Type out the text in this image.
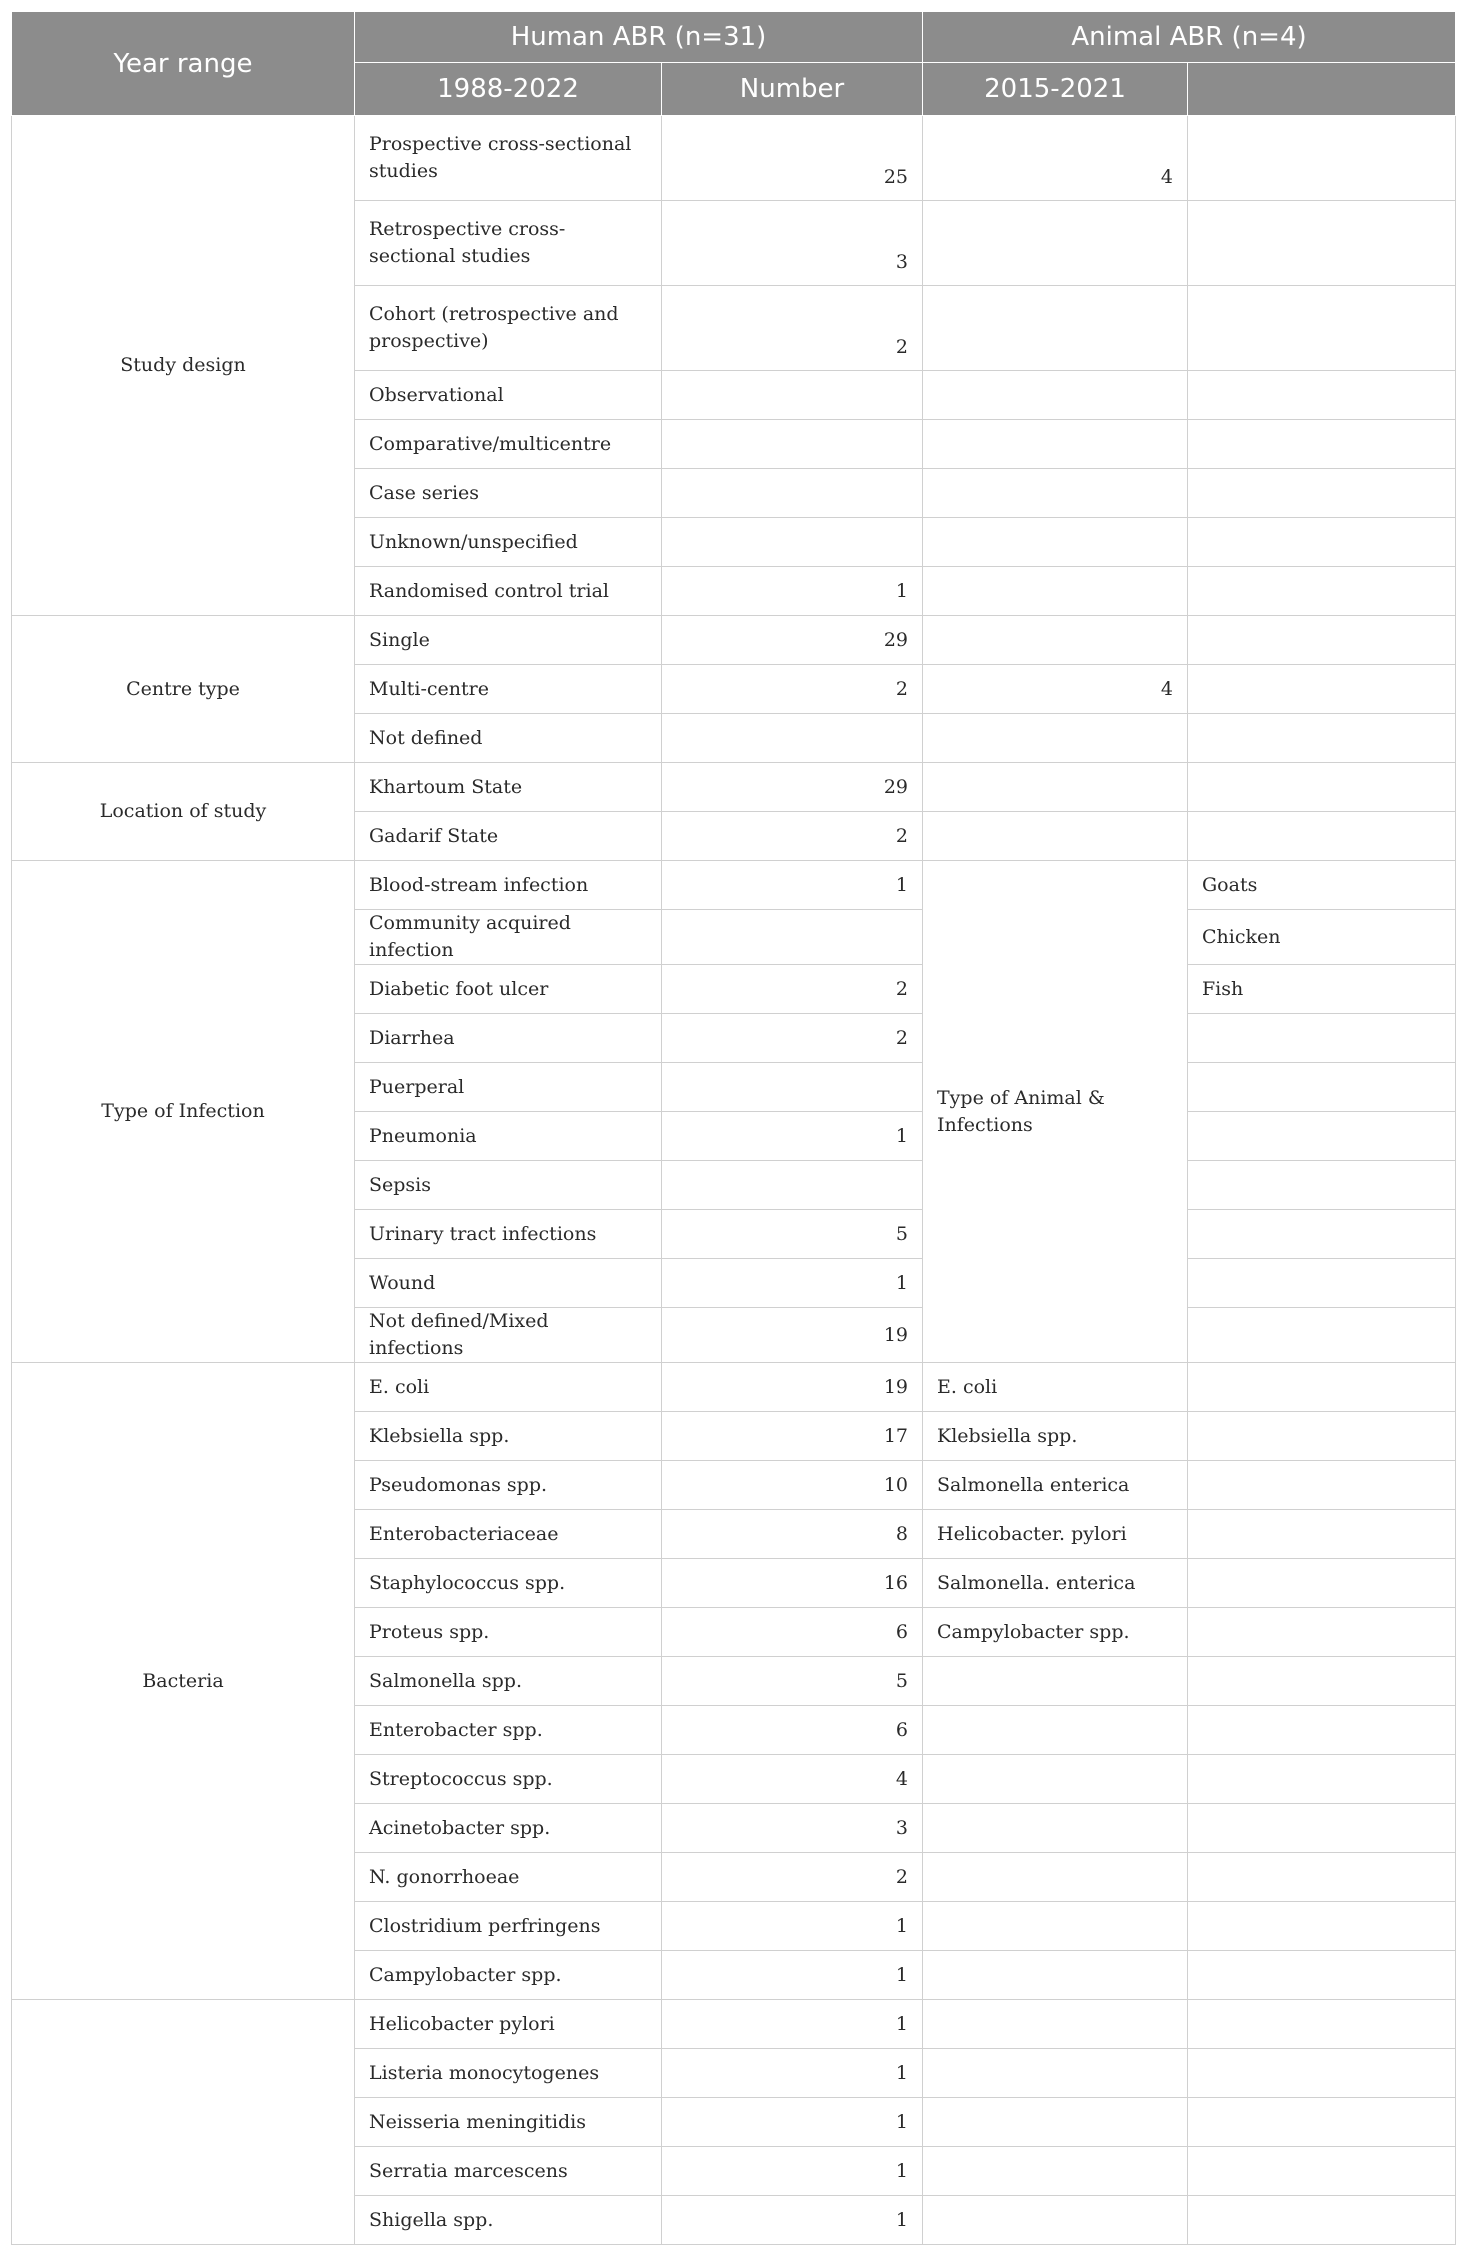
Year range	Human ABR (n=31)		Animal ABR (n=4)	
	1988-2022	Number	2015-2021	
Study design	Prospective cross-sectional studies	25	4	
	Retrospective cross-sectional studies	3		
	Cohort (retrospective and prospective)	2		
	Observational			
	Comparative/multicentre			
	Case series			
	Unknown/unspecified			
	Randomised control trial	1		
Centre type	Single	29		
	Multi-centre	2	4	
	Not defined			
Location of study	Khartoum State	29		
	Gadarif State	2		
Type of Infection	Blood-stream infection	1	Type of Animal & Infections	Goats
	Community acquired infection			Chicken
	Diabetic foot ulcer	2		Fish
	Diarrhea	2		
	Puerperal			
	Pneumonia	1		
	Sepsis			
	Urinary tract infections	5		
	Wound	1		
	Not defined/Mixed infections	19		
Bacteria	E. coli	19	E. coli	
	Klebsiella spp.	17	Klebsiella spp.	
	Pseudomonas spp.	10	Salmonella enterica	
	Enterobacteriaceae	8	Helicobacter. pylori	
	Staphylococcus spp.	16	Salmonella. enterica	
	Proteus spp.	6	Campylobacter spp.	
	Salmonella spp.	5		
	Enterobacter spp.	6		
	Streptococcus spp.	4		
	Acinetobacter spp.	3		
	N. gonorrhoeae	2		
	Clostridium perfringens	1		
	Campylobacter spp.	1		
	Helicobacter pylori	1		
	Listeria monocytogenes	1		
	Neisseria meningitidis	1		
	Serratia marcescens	1		
	Shigella spp.	1		
